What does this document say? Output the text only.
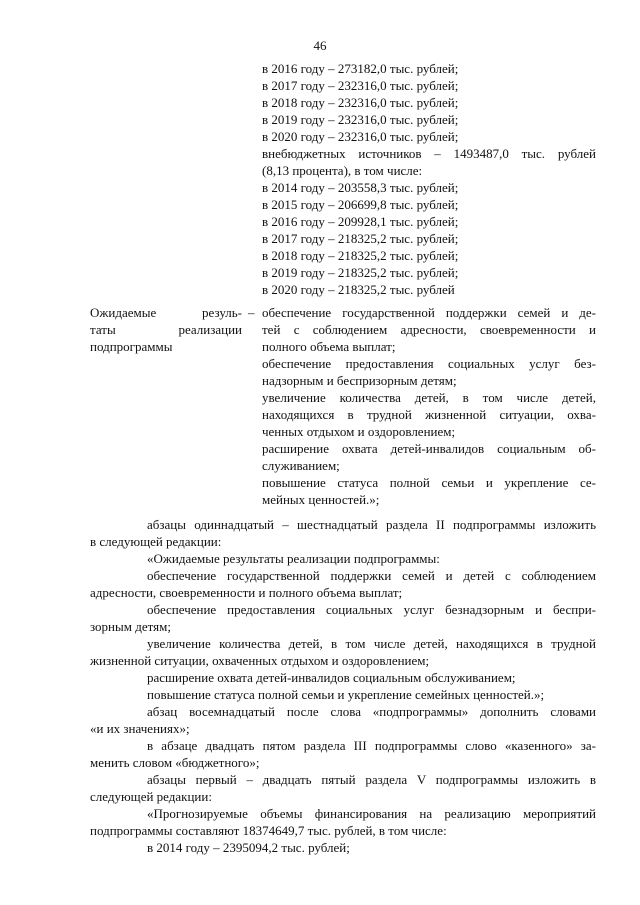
46
в 2016 году – 273182,0 тыс. рублей;
в 2017 году – 232316,0 тыс. рублей;
в 2018 году – 232316,0 тыс. рублей;
в 2019 году – 232316,0 тыс. рублей;
в 2020 году – 232316,0 тыс. рублей;
внебюджетных источников – 1493487,0 тыс. рублей
(8,13 процента), в том числе:
в 2014 году – 203558,3 тыс. рублей;
в 2015 году – 206699,8 тыс. рублей;
в 2016 году – 209928,1 тыс. рублей;
в 2017 году – 218325,2 тыс. рублей;
в 2018 году – 218325,2 тыс. рублей;
в 2019 году – 218325,2 тыс. рублей;
в 2020 году – 218325,2 тыс. рублей
Ожидаемые резуль-
таты реализации
подпрограммы
– обеспечение государственной поддержки семей и де-
тей с соблюдением адресности, своевременности и
полного объема выплат;
обеспечение предоставления социальных услуг без-
надзорным и беспризорным детям;
увеличение количества детей, в том числе детей,
находящихся в трудной жизненной ситуации, охва-
ченных отдыхом и оздоровлением;
расширение охвата детей-инвалидов социальным об-
служиванием;
повышение статуса полной семьи и укрепление се-
мейных ценностей.»;
абзацы одиннадцатый – шестнадцатый раздела II подпрограммы изложить
в следующей редакции:
«Ожидаемые результаты реализации подпрограммы:
обеспечение государственной поддержки семей и детей с соблюдением
адресности, своевременности и полного объема выплат;
обеспечение предоставления социальных услуг безнадзорным и беспри-
зорным детям;
увеличение количества детей, в том числе детей, находящихся в трудной
жизненной ситуации, охваченных отдыхом и оздоровлением;
расширение охвата детей-инвалидов социальным обслуживанием;
повышение статуса полной семьи и укрепление семейных ценностей.»;
абзац восемнадцатый после слова «подпрограммы» дополнить словами
«и их значениях»;
в абзаце двадцать пятом раздела III подпрограммы слово «казенного» за-
менить словом «бюджетного»;
абзацы первый – двадцать пятый раздела V подпрограммы изложить в
следующей редакции:
«Прогнозируемые объемы финансирования на реализацию мероприятий
подпрограммы составляют 18374649,7 тыс. рублей, в том числе:
в 2014 году – 2395094,2 тыс. рублей;
